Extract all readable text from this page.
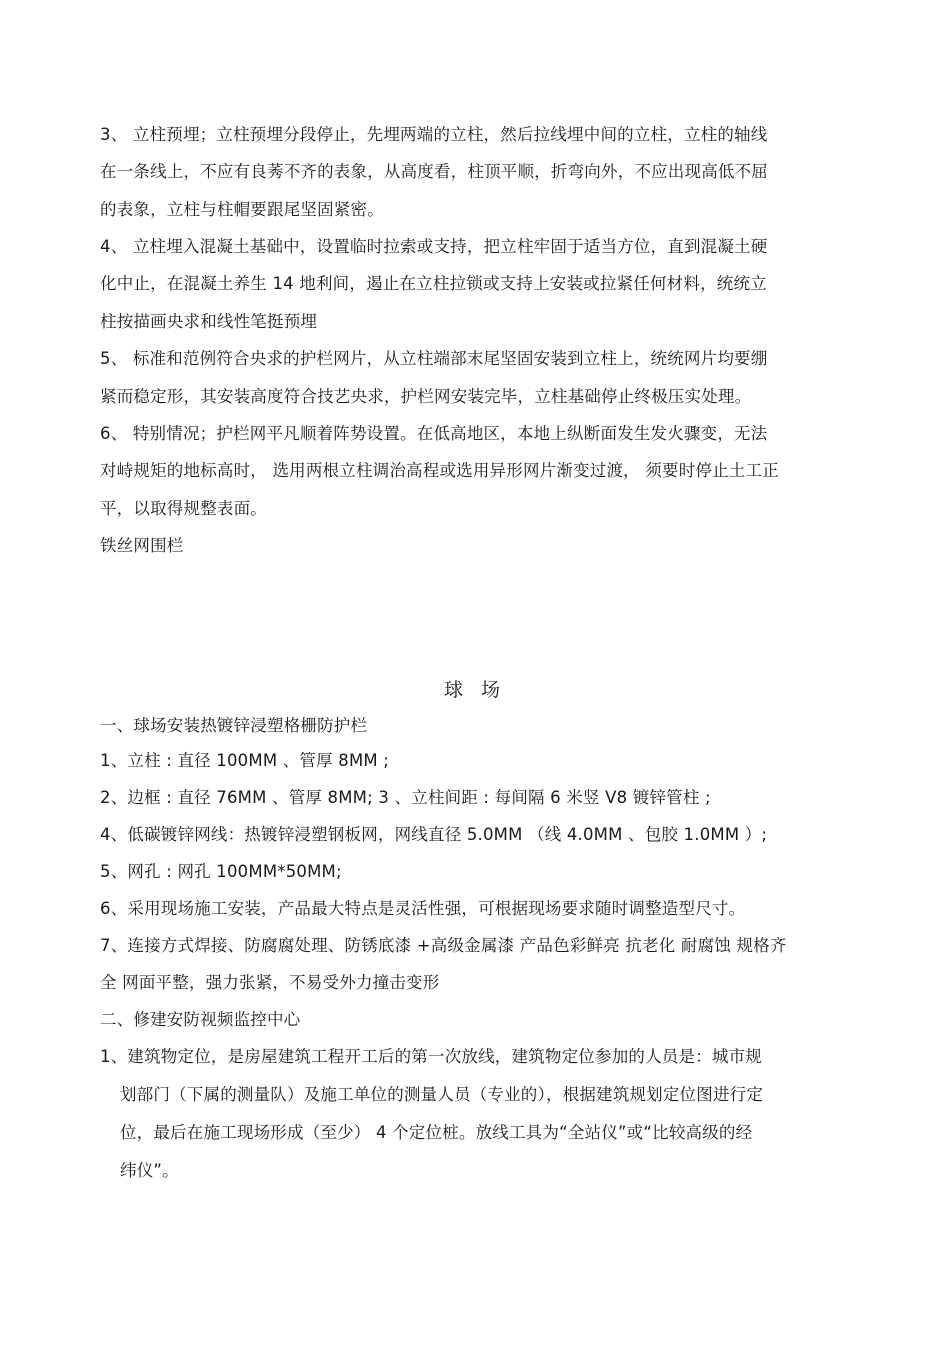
3、 立柱预埋；立柱预埋分段停止，先埋两端的立柱，然后拉线埋中间的立柱，立柱的轴线
在一条线上，不应有良莠不齐的表象，从高度看，柱顶平顺，折弯向外，不应出现高低不屈
的表象，立柱与柱帽要跟尾坚固紧密。
4、 立柱埋入混凝土基础中，设置临时拉索或支持，把立柱牢固于适当方位，直到混凝土硬
化中止，在混凝土养生 14 地利间，遏止在立柱拉锁或支持上安装或拉紧任何材料，统统立
柱按描画央求和线性笔挺预埋
5、 标准和范例符合央求的护栏网片，从立柱端部末尾坚固安装到立柱上，统统网片均要绷
紧而稳定形，其安装高度符合技艺央求，护栏网安装完毕，立柱基础停止终极压实处理。
6、 特别情况；护栏网平凡顺着阵势设置。在低高地区，本地上纵断面发生发火骤变，无法
对峙规矩的地标高时， 选用两根立柱调治高程或选用异形网片渐变过渡， 须要时停止土工正
平，以取得规整表面。
铁丝网围栏
球 场
一、球场安装热镀锌浸塑格栅防护栏
1、立柱 : 直径 100MM 、管厚 8MM ;
2、边框 : 直径 76MM 、管厚 8MM; 3 、立柱间距 : 每间隔 6 米竖 V8 镀锌管柱 ;
4、低碳镀锌网线：热镀锌浸塑钢板网，网线直径 5.0MM （线 4.0MM 、包胶 1.0MM ）;
5、网孔 : 网孔 100MM*50MM;
6、采用现场施工安装，产品最大特点是灵活性强，可根据现场要求随时调整造型尺寸。
7、连接方式焊接、防腐腐处理、防锈底漆 +高级金属漆 产品色彩鲜亮 抗老化 耐腐蚀 规格齐
全 网面平整，强力张紧，不易受外力撞击变形
二、修建安防视频监控中心
1、建筑物定位，是房屋建筑工程开工后的第一次放线，建筑物定位参加的人员是：城市规
划部门（下属的测量队）及施工单位的测量人员（专业的），根据建筑规划定位图进行定
位，最后在施工现场形成（至少） 4 个定位桩。放线工具为“全站仪”或“比较高级的经
纬仪”。
